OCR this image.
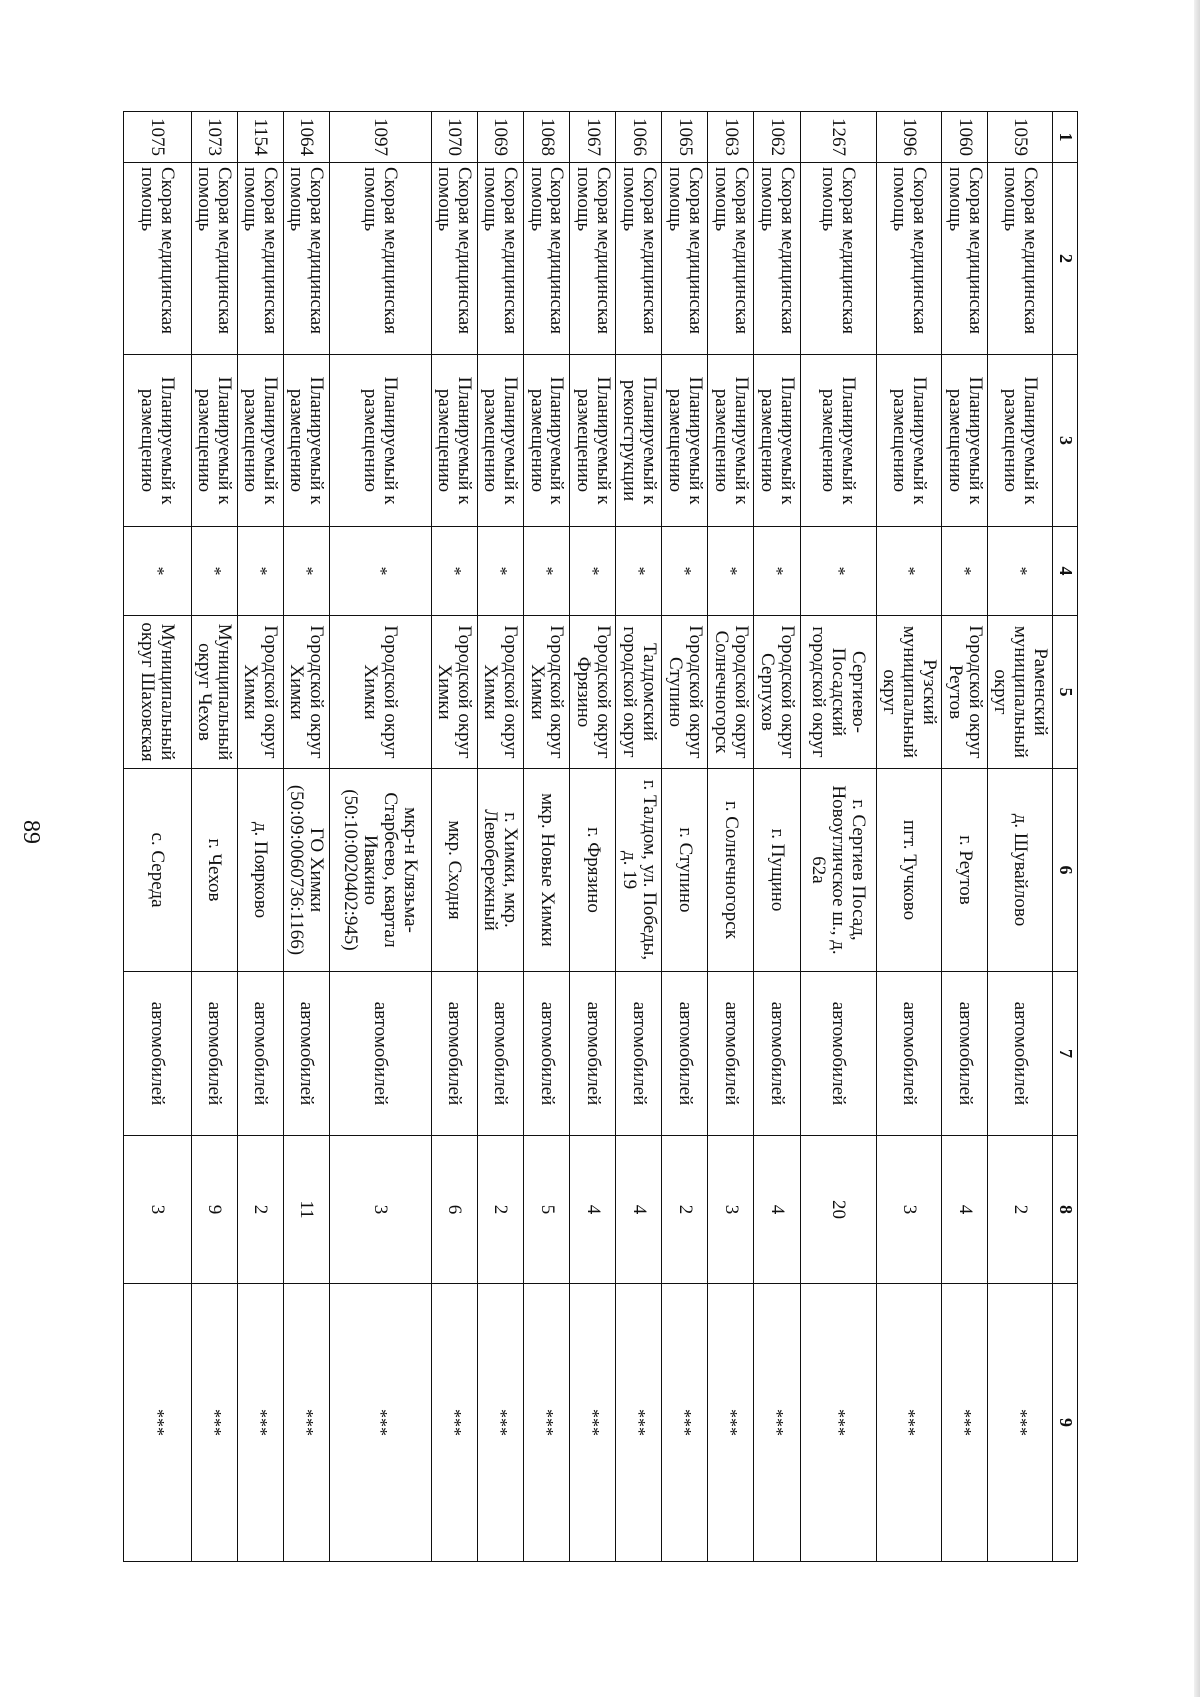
89
1	2	3	4	5	6	7	8	9
1059	Скорая медицинская помощь	Планируемый к размещению	*	Раменский муниципальный округ	д. Шувайлово	автомобилей	2	***
1060	Скорая медицинская помощь	Планируемый к размещению	*	Городской округ Реутов	г. Реутов	автомобилей	4	***
1096	Скорая медицинская помощь	Планируемый к размещению	*	Рузский муниципальный округ	пгт. Тучково	автомобилей	3	***
1267	Скорая медицинская помощь	Планируемый к размещению	*	Сергиево-Посадский городской округ	г. Сергиев Посад, Новоугличское ш., д. 62а	автомобилей	20	***
1062	Скорая медицинская помощь	Планируемый к размещению	*	Городской округ Серпухов	г. Пущино	автомобилей	4	***
1063	Скорая медицинская помощь	Планируемый к размещению	*	Городской округ Солнечногорск	г. Солнечногорск	автомобилей	3	***
1065	Скорая медицинская помощь	Планируемый к размещению	*	Городской округ Ступино	г. Ступино	автомобилей	2	***
1066	Скорая медицинская помощь	Планируемый к реконструкции	*	Талдомский городской округ	г. Талдом, ул. Победы, д. 19	автомобилей	4	***
1067	Скорая медицинская помощь	Планируемый к размещению	*	Городской округ Фрязино	г. Фрязино	автомобилей	4	***
1068	Скорая медицинская помощь	Планируемый к размещению	*	Городской округ Химки	мкр. Новые Химки	автомобилей	5	***
1069	Скорая медицинская помощь	Планируемый к размещению	*	Городской округ Химки	г. Химки, мкр. Левобережный	автомобилей	2	***
1070	Скорая медицинская помощь	Планируемый к размещению	*	Городской округ Химки	мкр. Сходня	автомобилей	6	***
1097	Скорая медицинская помощь	Планируемый к размещению	*	Городской округ Химки	мкр-н Клязьма-Старбеево, квартал Ивакино (50:10:0020402:945)	автомобилей	3	***
1064	Скорая медицинская помощь	Планируемый к размещению	*	Городской округ Химки	ГО Химки (50:09:0060736:1166)	автомобилей	11	***
1154	Скорая медицинская помощь	Планируемый к размещению	*	Городской округ Химки	д. Поярково	автомобилей	2	***
1073	Скорая медицинская помощь	Планируемый к размещению	*	Муниципальный округ Чехов	г. Чехов	автомобилей	9	***
1075	Скорая медицинская помощь	Планируемый к размещению	*	Муниципальный округ Шаховская	с. Середа	автомобилей	3	***
